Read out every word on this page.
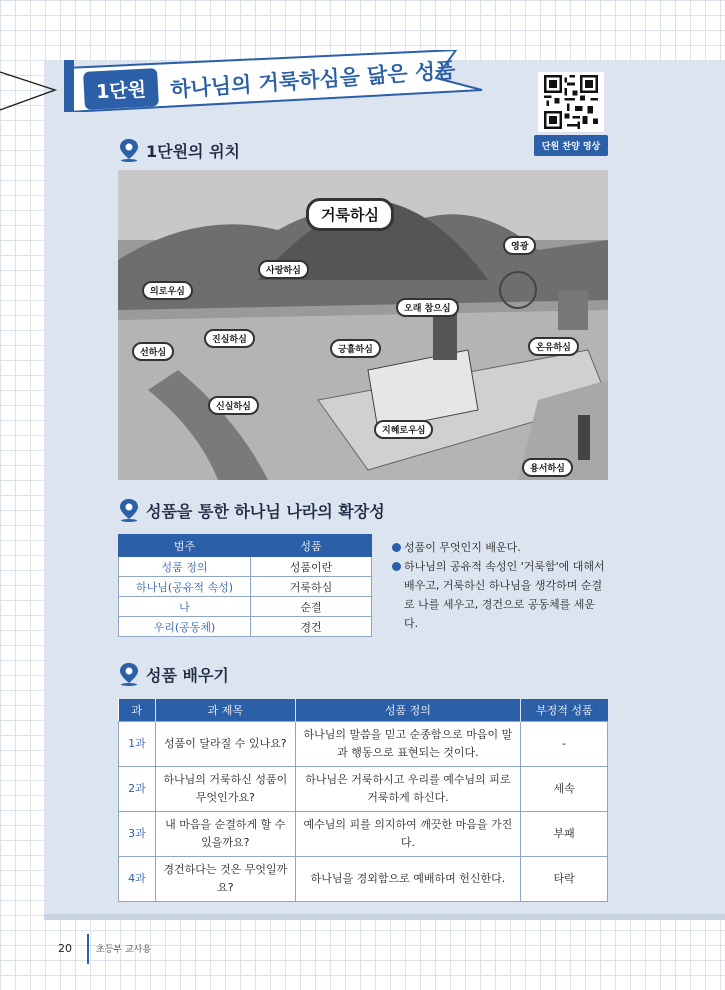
1단원	하나님의 거룩하심을 닮은 성품
단원 찬양 영상
1단원의 위치
거룩하심
영광
사랑하심
의로우심
오래 참으심
진실하심
긍휼하심
선하심	온유하심
신실하심
지혜로우심
용서하심
성품을 통한 하나님 나라의 확장성
범주	성품
성품 정의	성품이란
하나님(공유적 속성)	거룩하심
나	순결
우리(공동체)	경건
성품이 무엇인지 배운다.
하나님의 공유적 속성인 '거룩함'에 대해서 배우고, 거룩하신 하나님을 생각하며 순결로 나를 세우고, 경건으로 공동체를 세운다.
성품 배우기
과	과 제목	성품 정의	부정적 성품
1과	성품이 달라질 수 있나요?	하나님의 말씀을 믿고 순종함으로 마음이 말과 행동으로 표현되는 것이다.	-
2과	하나님의 거룩하신 성품이 무엇인가요?	하나님은 거룩하시고 우리를 예수님의 피로 거룩하게 하신다.	세속
3과	내 마음을 순결하게 할 수 있을까요?	예수님의 피를 의지하여 깨끗한 마음을 가진다.	부패
4과	경건하다는 것은 무엇일까요?	하나님을 경외함으로 예배하며 헌신한다.	타락
20	초등부 교사용
